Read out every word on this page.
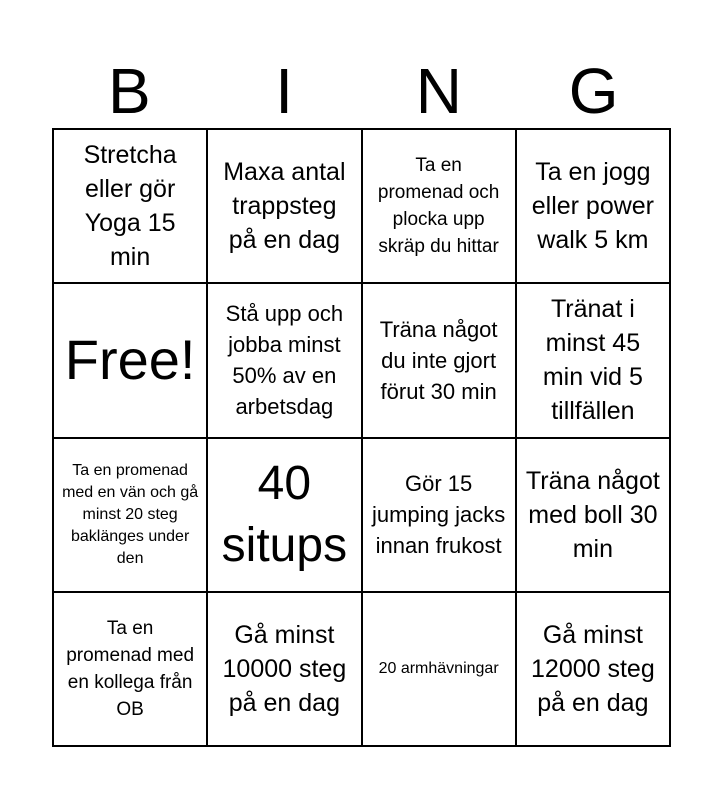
B	I	N	G
Stretcha eller gör Yoga 15 min
Maxa antal trappsteg på en dag
Ta en promenad och plocka upp skräp du hittar
Ta en jogg eller power walk 5 km
Free!
Stå upp och jobba minst 50% av en arbetsdag
Träna något du inte gjort förut 30 min
Tränat i minst 45 min vid 5 tillfällen
Ta en promenad med en vän och gå minst 20 steg baklänges under den
40 situps
Gör 15 jumping jacks innan frukost
Träna något med boll 30 min
Ta en promenad med en kollega från OB
Gå minst 10000 steg på en dag
20 armhävningar
Gå minst 12000 steg på en dag
